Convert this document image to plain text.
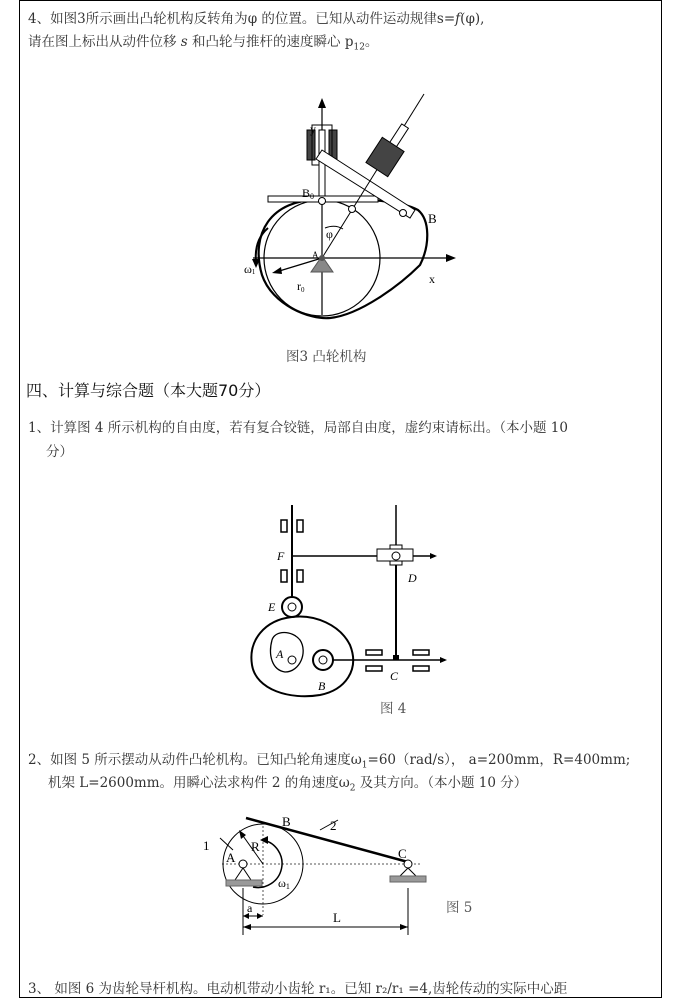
4、如图3所示画出凸轮机构反转角为φ 的位置。已知从动件运动规律s=f(φ),
请在图上标出从动件位移 s 和凸轮与推杆的速度瞬心 $p_{12}$。
y
B0
B
φ
A
ω1
r0
x
图3 凸轮机构
四、计算与综合题（本大题70分）
1、计算图 4 所示机构的自由度，若有复合铰链，局部自由度，虚约束请标出。（本小题 10
分）
F
D
E
A
B
C
图 4
2、如图 5 所示摆动从动件凸轮机构。已知凸轮角速度$\omega_1=60(rad/s)$， a=200mm，R=400mm;
机架 L=2600mm。用瞬心法求构件 2 的角速度$\omega_2$ 及其方向。（本小题 10 分）
1
2
A
R
B
C
ω1
a
L
图 5
3、 如图 6 为齿轮导杆机构。电动机带动小齿轮 r₁。已知 r₂/r₁ =4,齿轮传动的实际中心距
